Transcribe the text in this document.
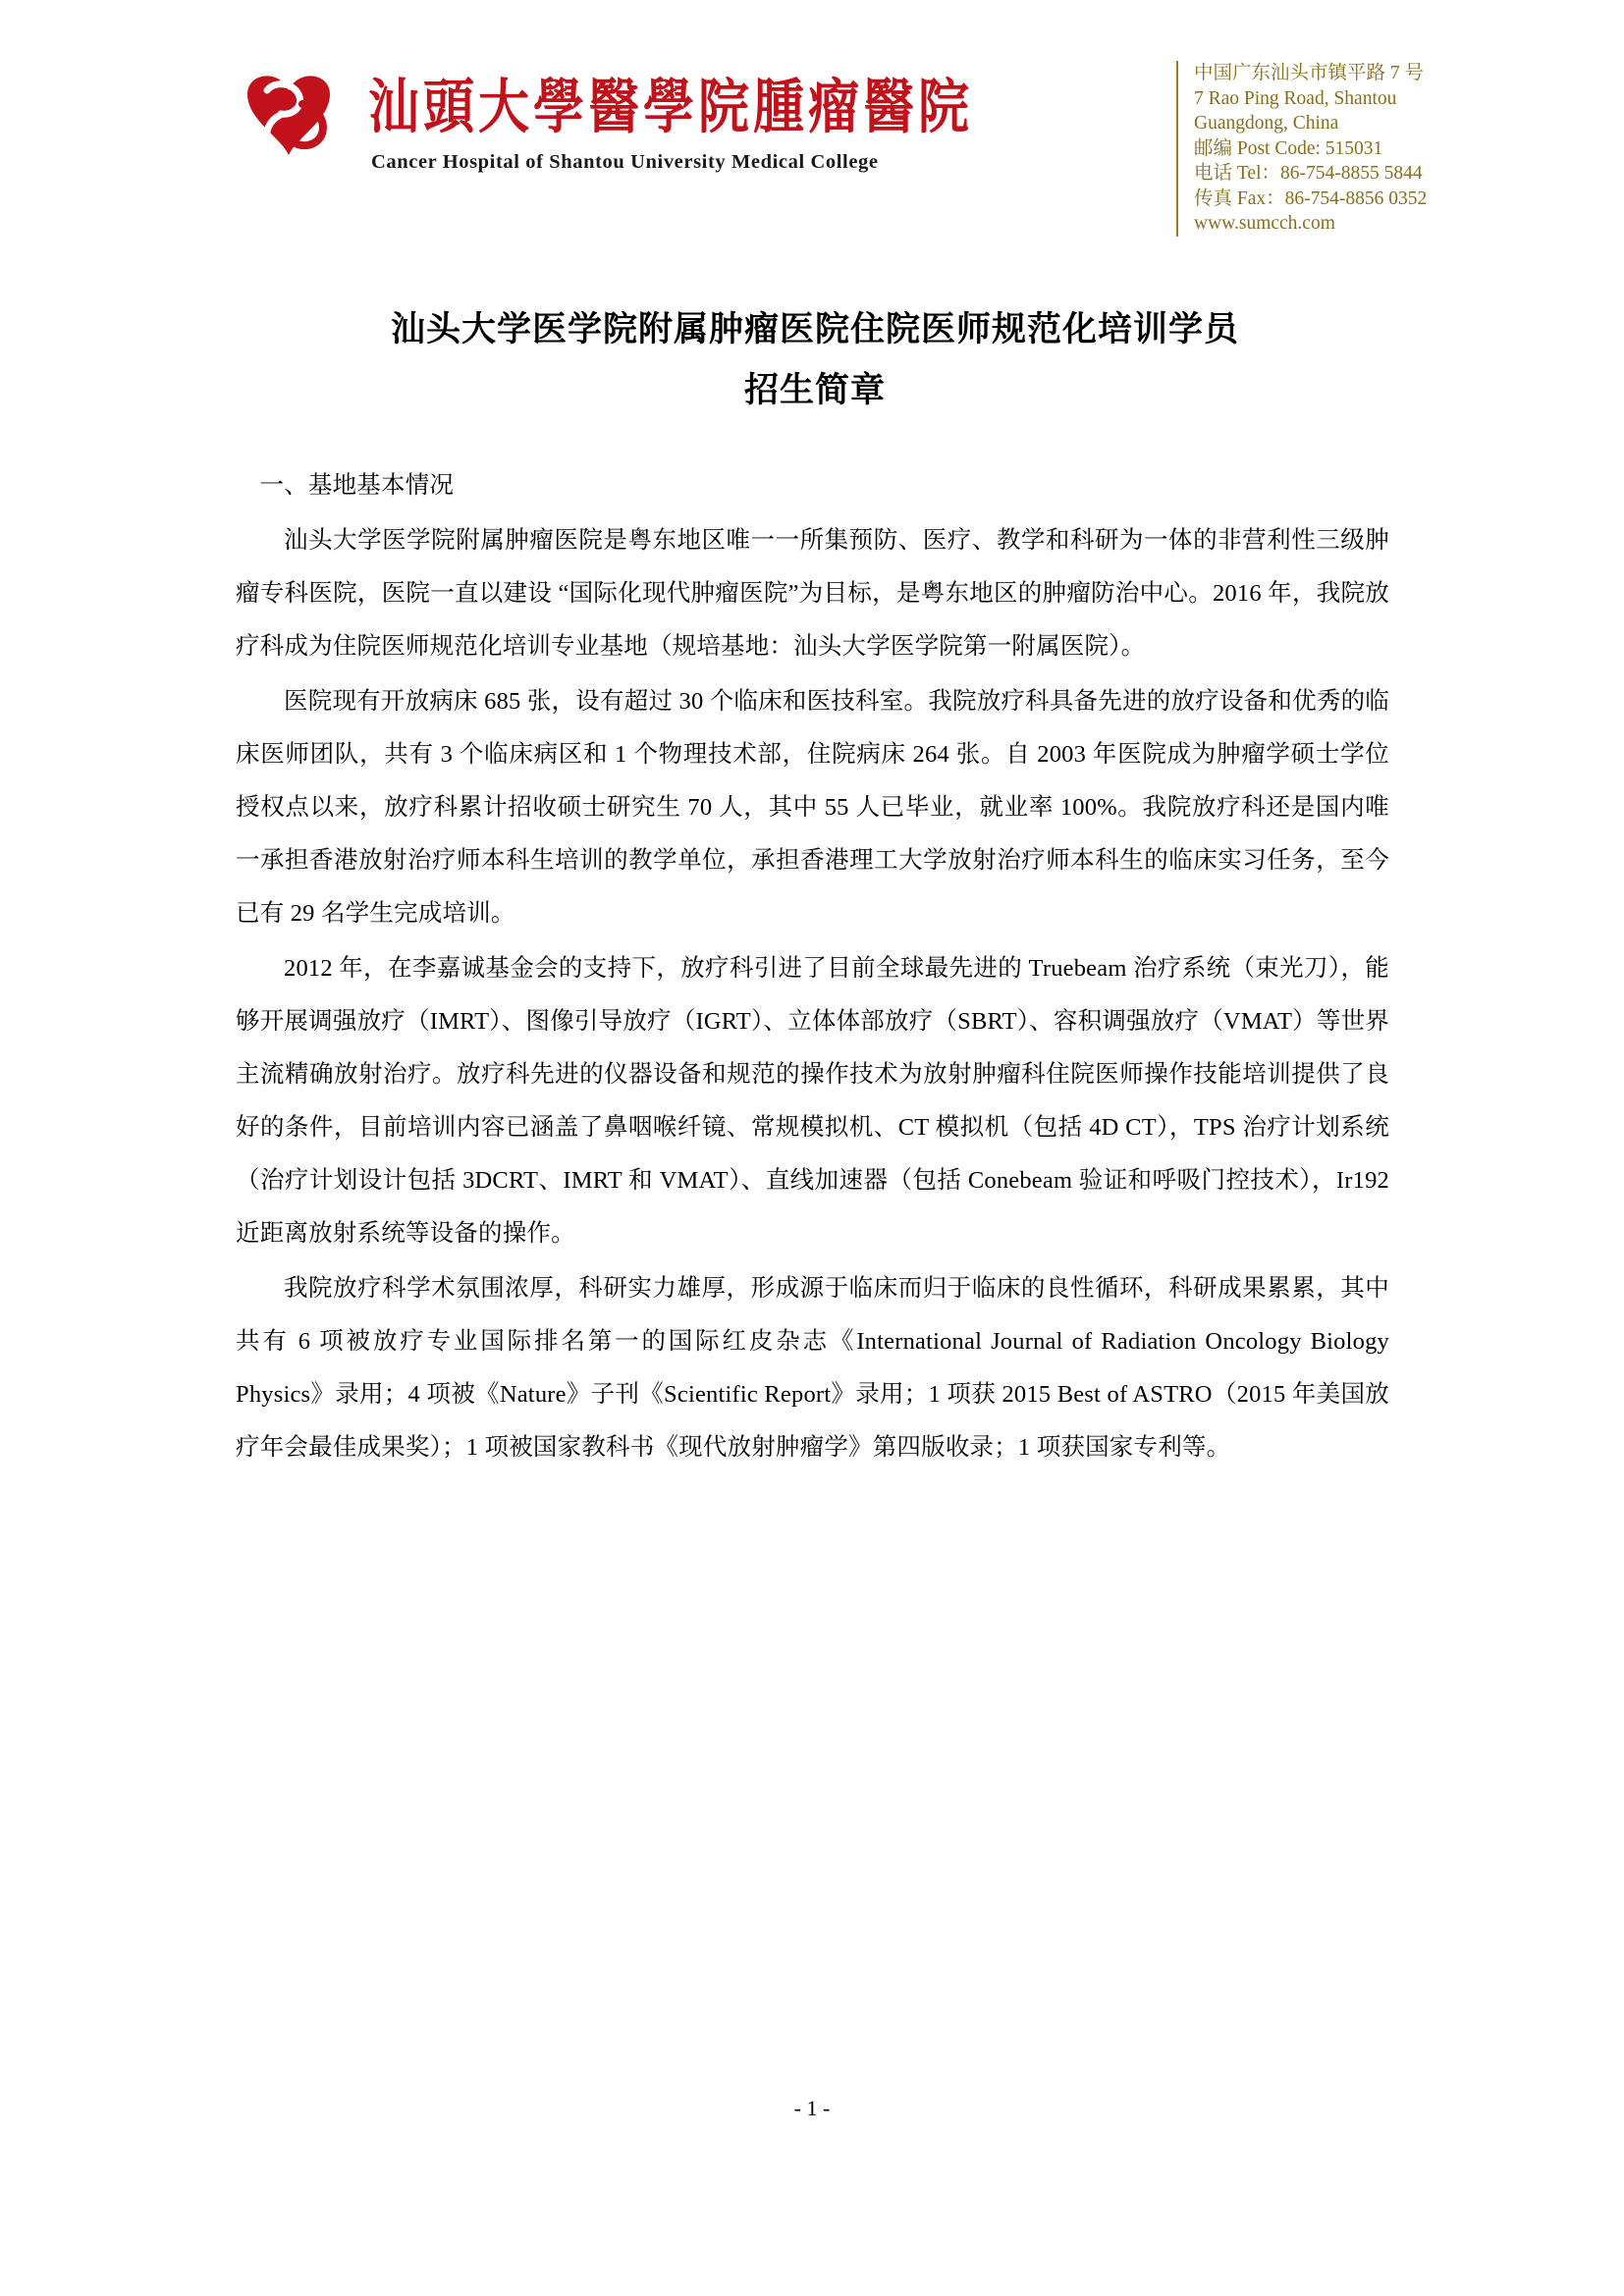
汕頭大學醫學院腫瘤醫院
Cancer Hospital of Shantou University Medical College
中国广东汕头市镇平路 7 号
7 Rao Ping Road, Shantou
Guangdong, China
邮编 Post Code: 515031
电话 Tel：86-754-8855 5844
传真 Fax：86-754-8856 0352
www.sumcch.com
汕头大学医学院附属肿瘤医院住院医师规范化培训学员
招生简章

一、基地基本情况

汕头大学医学院附属肿瘤医院是粤东地区唯一一所集预防、医疗、教学和科研为一体的非营利性三级肿瘤专科医院，医院一直以建设 “国际化现代肿瘤医院”为目标，是粤东地区的肿瘤防治中心。2016 年，我院放疗科成为住院医师规范化培训专业基地（规培基地：汕头大学医学院第一附属医院）。

医院现有开放病床 685 张，设有超过 30 个临床和医技科室。我院放疗科具备先进的放疗设备和优秀的临床医师团队，共有 3 个临床病区和 1 个物理技术部，住院病床 264 张。自 2003 年医院成为肿瘤学硕士学位授权点以来，放疗科累计招收硕士研究生 70 人，其中 55 人已毕业，就业率 100%。我院放疗科还是国内唯一承担香港放射治疗师本科生培训的教学单位，承担香港理工大学放射治疗师本科生的临床实习任务，至今已有 29 名学生完成培训。

2012 年，在李嘉诚基金会的支持下，放疗科引进了目前全球最先进的 Truebeam 治疗系统（束光刀），能够开展调强放疗（IMRT）、图像引导放疗（IGRT）、立体体部放疗（SBRT）、容积调强放疗（VMAT）等世界主流精确放射治疗。放疗科先进的仪器设备和规范的操作技术为放射肿瘤科住院医师操作技能培训提供了良好的条件，目前培训内容已涵盖了鼻咽喉纤镜、常规模拟机、CT 模拟机（包括 4D CT），TPS 治疗计划系统（治疗计划设计包括 3DCRT、IMRT 和 VMAT）、直线加速器（包括 Conebeam 验证和呼吸门控技术），Ir192 近距离放射系统等设备的操作。

我院放疗科学术氛围浓厚，科研实力雄厚，形成源于临床而归于临床的良性循环，科研成果累累，其中共有 6 项被放疗专业国际排名第一的国际红皮杂志《International Journal of Radiation Oncology Biology Physics》录用；4 项被《Nature》子刊《Scientific Report》录用；1 项获 2015 Best of ASTRO（2015 年美国放疗年会最佳成果奖）；1 项被国家教科书《现代放射肿瘤学》第四版收录；1 项获国家专利等。

- 1 -
